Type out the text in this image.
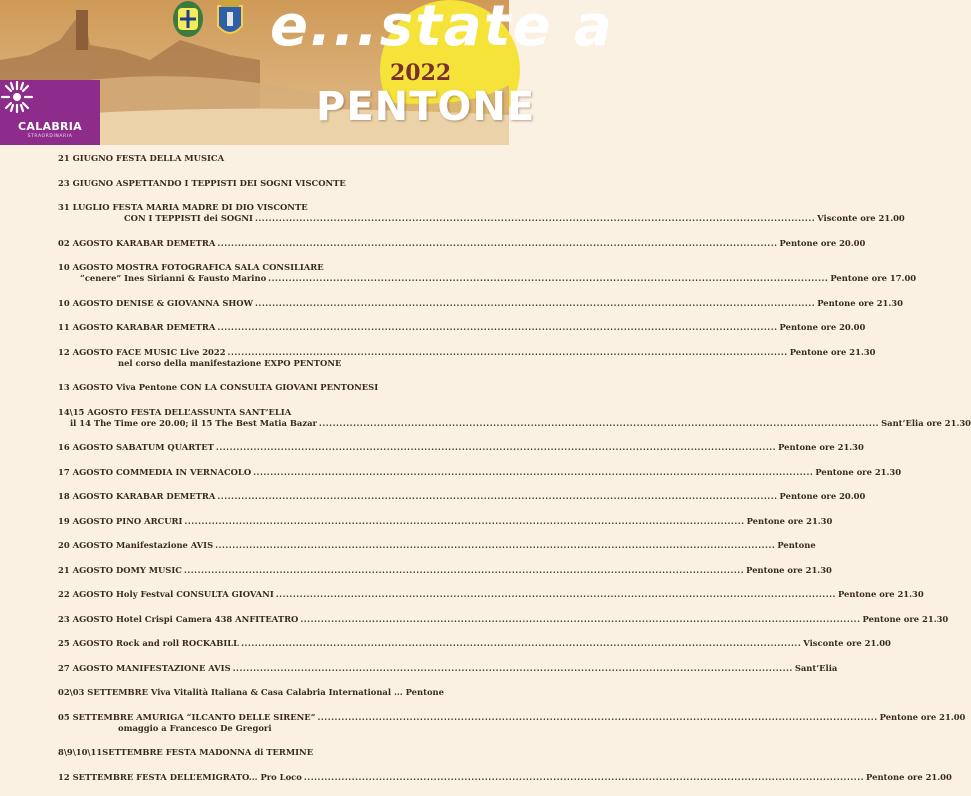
e...state a
2022
PENTONE
CALABRIA
STRAORDINARIA
21 GIUGNO FESTA DELLA MUSICA
23 GIUGNO ASPETTANDO I TEPPISTI DEI SOGNI VISCONTE
31 LUGLIO FESTA MARIA MADRE DI DIO VISCONTE
CON I TEPPISTI dei SOGNI .....	Visconte ore 21.00
02 AGOSTO KARABAR DEMETRA .....	Pentone ore 20.00
10 AGOSTO MOSTRA FOTOGRAFICA SALA CONSILIARE
“cenere” Ines Sirianni & Fausto Marino .....	Pentone ore 17.00
10 AGOSTO DENISE & GIOVANNA SHOW .....	Pentone ore 21.30
11 AGOSTO KARABAR DEMETRA .....	Pentone ore 20.00
12 AGOSTO FACE MUSIC Live 2022 .....	Pentone ore 21.30
nel corso della manifestazione EXPO PENTONE
13 AGOSTO Viva Pentone CON LA CONSULTA GIOVANI PENTONESI
14\15 AGOSTO FESTA DELL’ASSUNTA SANT’ELIA
il 14 The Time ore 20.00; il 15 The Best Matia Bazar .....	Sant’Elia ore 21.30
16 AGOSTO SABATUM QUARTET .....	Pentone ore 21.30
17 AGOSTO COMMEDIA IN VERNACOLO .....	Pentone ore 21.30
18 AGOSTO KARABAR DEMETRA .....	Pentone ore 20.00
19 AGOSTO PINO ARCURI .....	Pentone ore 21.30
20 AGOSTO Manifestazione AVIS .....	Pentone
21 AGOSTO DOMY MUSIC .....	Pentone ore 21.30
22 AGOSTO Holy Festval CONSULTA GIOVANI .....	Pentone ore 21.30
23 AGOSTO Hotel Crispi Camera 438 ANFITEATRO .....	Pentone ore 21.30
25 AGOSTO Rock and roll ROCKABILL .....	Visconte ore 21.00
27 AGOSTO MANIFESTAZIONE AVIS .....	Sant’Elia
02\03 SETTEMBRE Viva Vitalità Italiana & Casa Calabria International ... Pentone
05 SETTEMBRE AMURIGA “ILCANTO DELLE SIRENE” .....	Pentone ore 21.00
omaggio a Francesco De Gregori
8\9\10\11SETTEMBRE FESTA MADONNA di TERMINE
12 SETTEMBRE FESTA DELL’EMIGRATO... Pro Loco .....	Pentone ore 21.00
